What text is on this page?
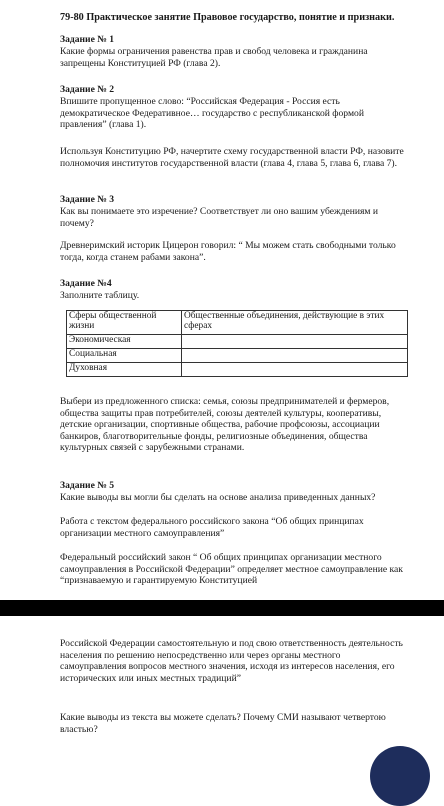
79-80 Практическое занятие Правовое государство, понятие и признаки.

Задание № 1

Какие формы ограничения равенства прав и свобод человека и гражданина запрещены Конституцией РФ (глава 2).

Задание № 2

Впишите пропущенное слово: “Российская Федерация - Россия есть демократическое Федеративное… государство с республиканской формой правления” (глава 1).

Используя Конституцию РФ, начертите схему государственной власти РФ, назовите полномочия институтов государственной власти (глава 4, глава 5, глава 6, глава 7).

Задание № 3

Как вы понимаете это изречение? Соответствует ли оно вашим убеждениям и почему?

Древнеримский историк Цицерон говорил: “ Мы можем стать свободными только тогда, когда станем рабами закона”.

Задание №4

Заполните таблицу.

Сферы общественной жизни	Общественные объединения, действующие в этих сферах
Экономическая	
Социальная	
Духовная	

Выбери из предложенного списка: семья, союзы предпринимателей и фермеров, общества защиты прав потребителей, союзы деятелей культуры, кооперативы, детские организации, спортивные общества, рабочие профсоюзы, ассоциации банкиров, благотворительные фонды, религиозные объединения, общества культурных связей с зарубежными странами.

Задание № 5

Какие выводы вы могли бы сделать на основе анализа приведенных данных?

Работа с текстом федерального российского закона “Об общих принципах организации местного самоуправления”

Федеральный российский закон “ Об общих принципах организации местного самоуправления в Российской Федерации” определяет местное самоуправление как “признаваемую и гарантируемую Конституцией

Российской Федерации самостоятельную и под свою ответственность деятельность населения по решению непосредственно или через органы местного самоуправления вопросов местного значения, исходя из интересов населения, его исторических или иных местных традиций”

Какие выводы из текста вы можете сделать? Почему СМИ называют четвертою властью?
